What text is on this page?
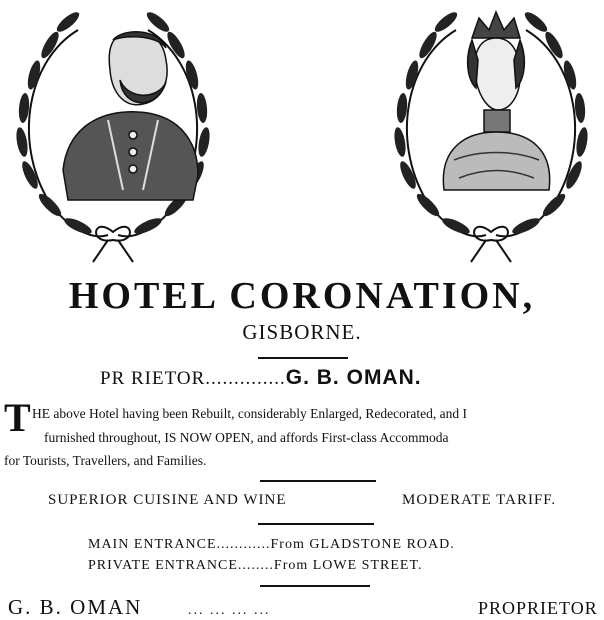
HOTEL CORONATION,
GISBORNE.
PR RIETOR..............G. B. OMAN.
T HE above Hotel having been Rebuilt, considerably Enlarged, Redecorated, and I
furnished throughout, IS NOW OPEN, and affords First-class Accommoda
for Tourists, Travellers, and Families.
SUPERIOR CUISINE AND WINE	MODERATE TARIFF.
MAIN ENTRANCE............From GLADSTONE ROAD.
PRIVATE ENTRANCE........From LOWE STREET.
G. B. OMAN	... ... ... ...	PROPRIETOR
